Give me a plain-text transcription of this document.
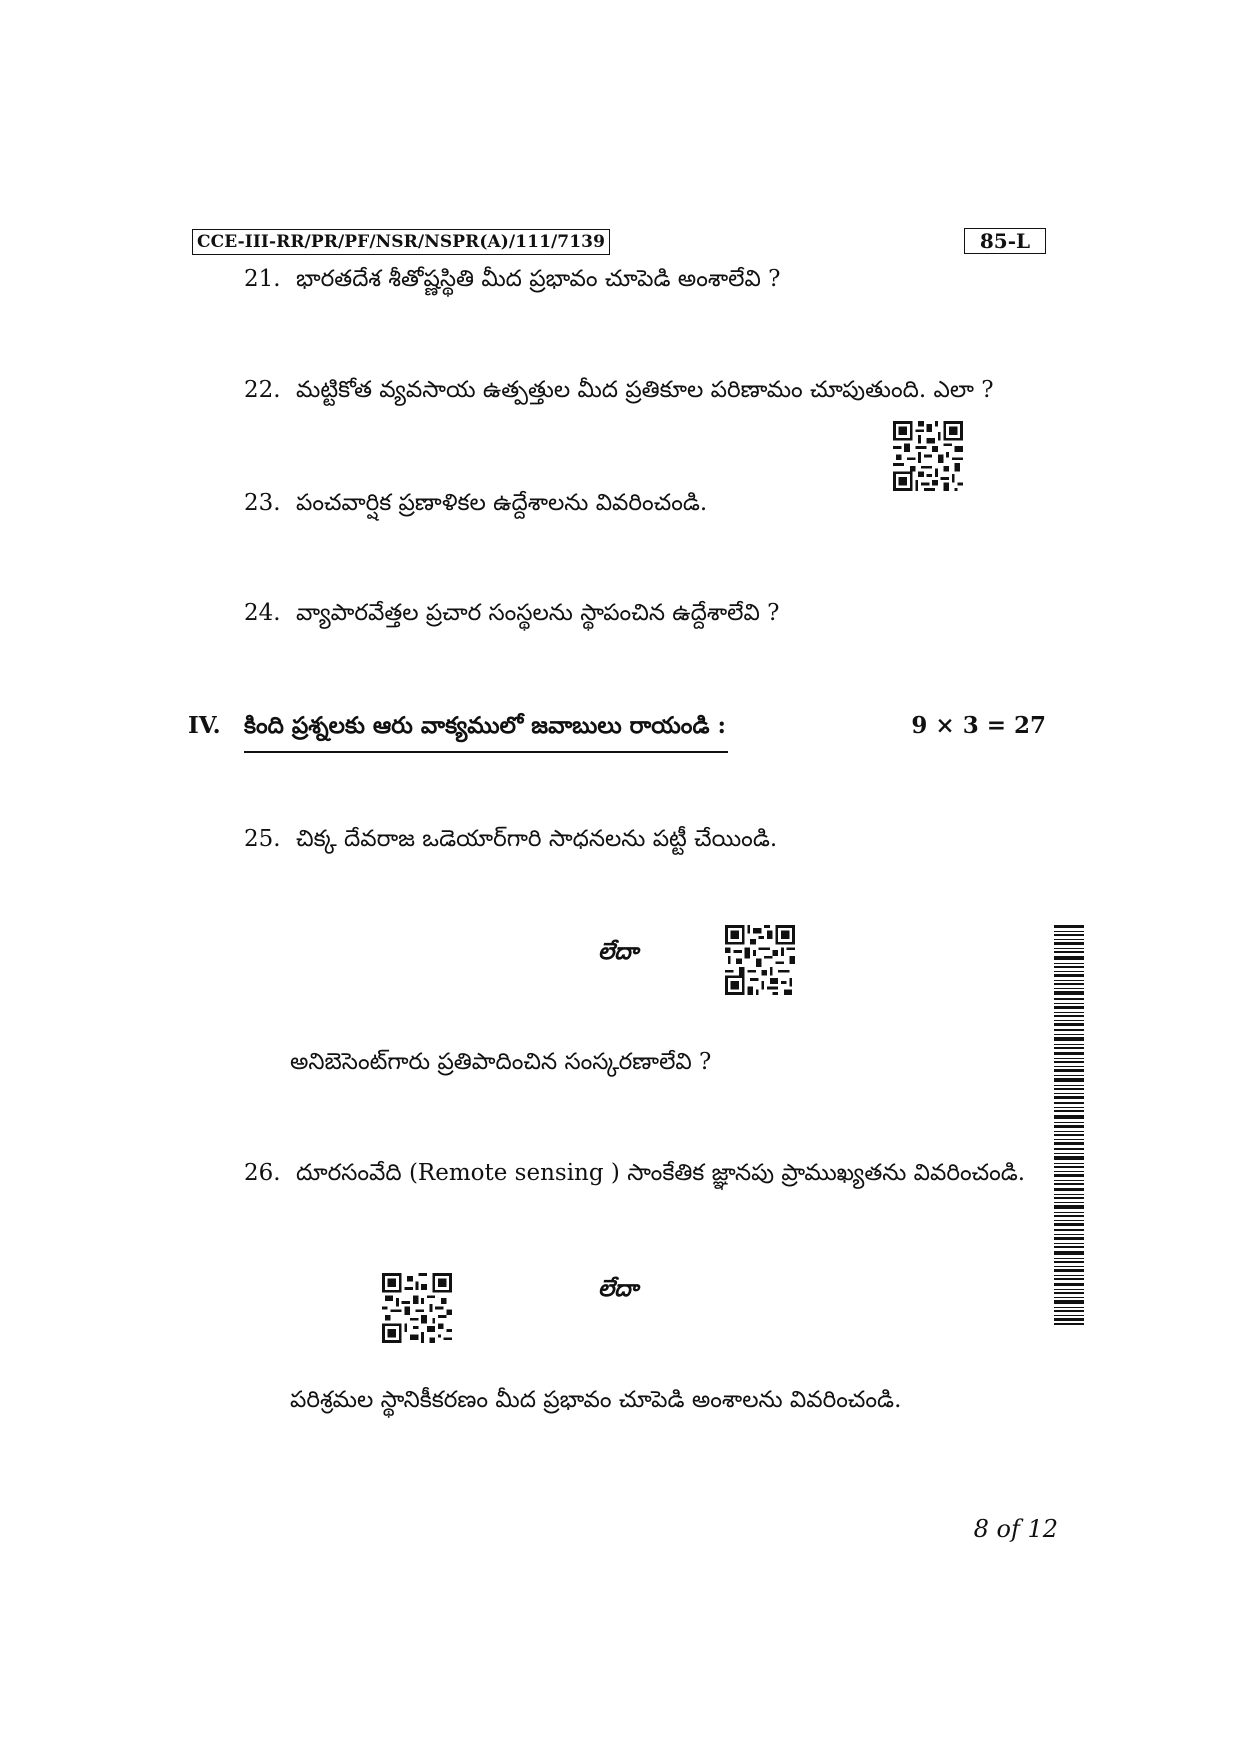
CCE-III-RR/PR/PF/NSR/NSPR(A)/111/7139	85-L
21. భారతదేశ శీతోష్ణస్థితి మీద ప్రభావం చూపెడి అంశాలేవి ?
22. మట్టికోత వ్యవసాయ ఉత్పత్తుల మీద ప్రతికూల పరిణామం చూపుతుంది. ఎలా ?
23. పంచవార్షిక ప్రణాళికల ఉద్దేశాలను వివరించండి.
24. వ్యాపారవేత్తల ప్రచార సంస్థలను స్థాపంచిన ఉద్దేశాలేవి ?
IV. కింది ప్రశ్నలకు ఆరు వాక్యములో జవాబులు రాయండి :	9 × 3 = 27
25. చిక్క దేవరాజ ఒడెయార్‌గారి సాధనలను పట్టీ చేయిండి.
లేదా
అనిబెసెంట్‌గారు ప్రతిపాదించిన సంస్కరణాలేవి ?
26. దూరసంవేది (Remote sensing ) సాంకేతిక జ్ఞానపు ప్రాముఖ్యతను వివరించండి.
లేదా
పరిశ్రమల స్థానికీకరణం మీద ప్రభావం చూపెడి అంశాలను వివరించండి.
8 of 12
